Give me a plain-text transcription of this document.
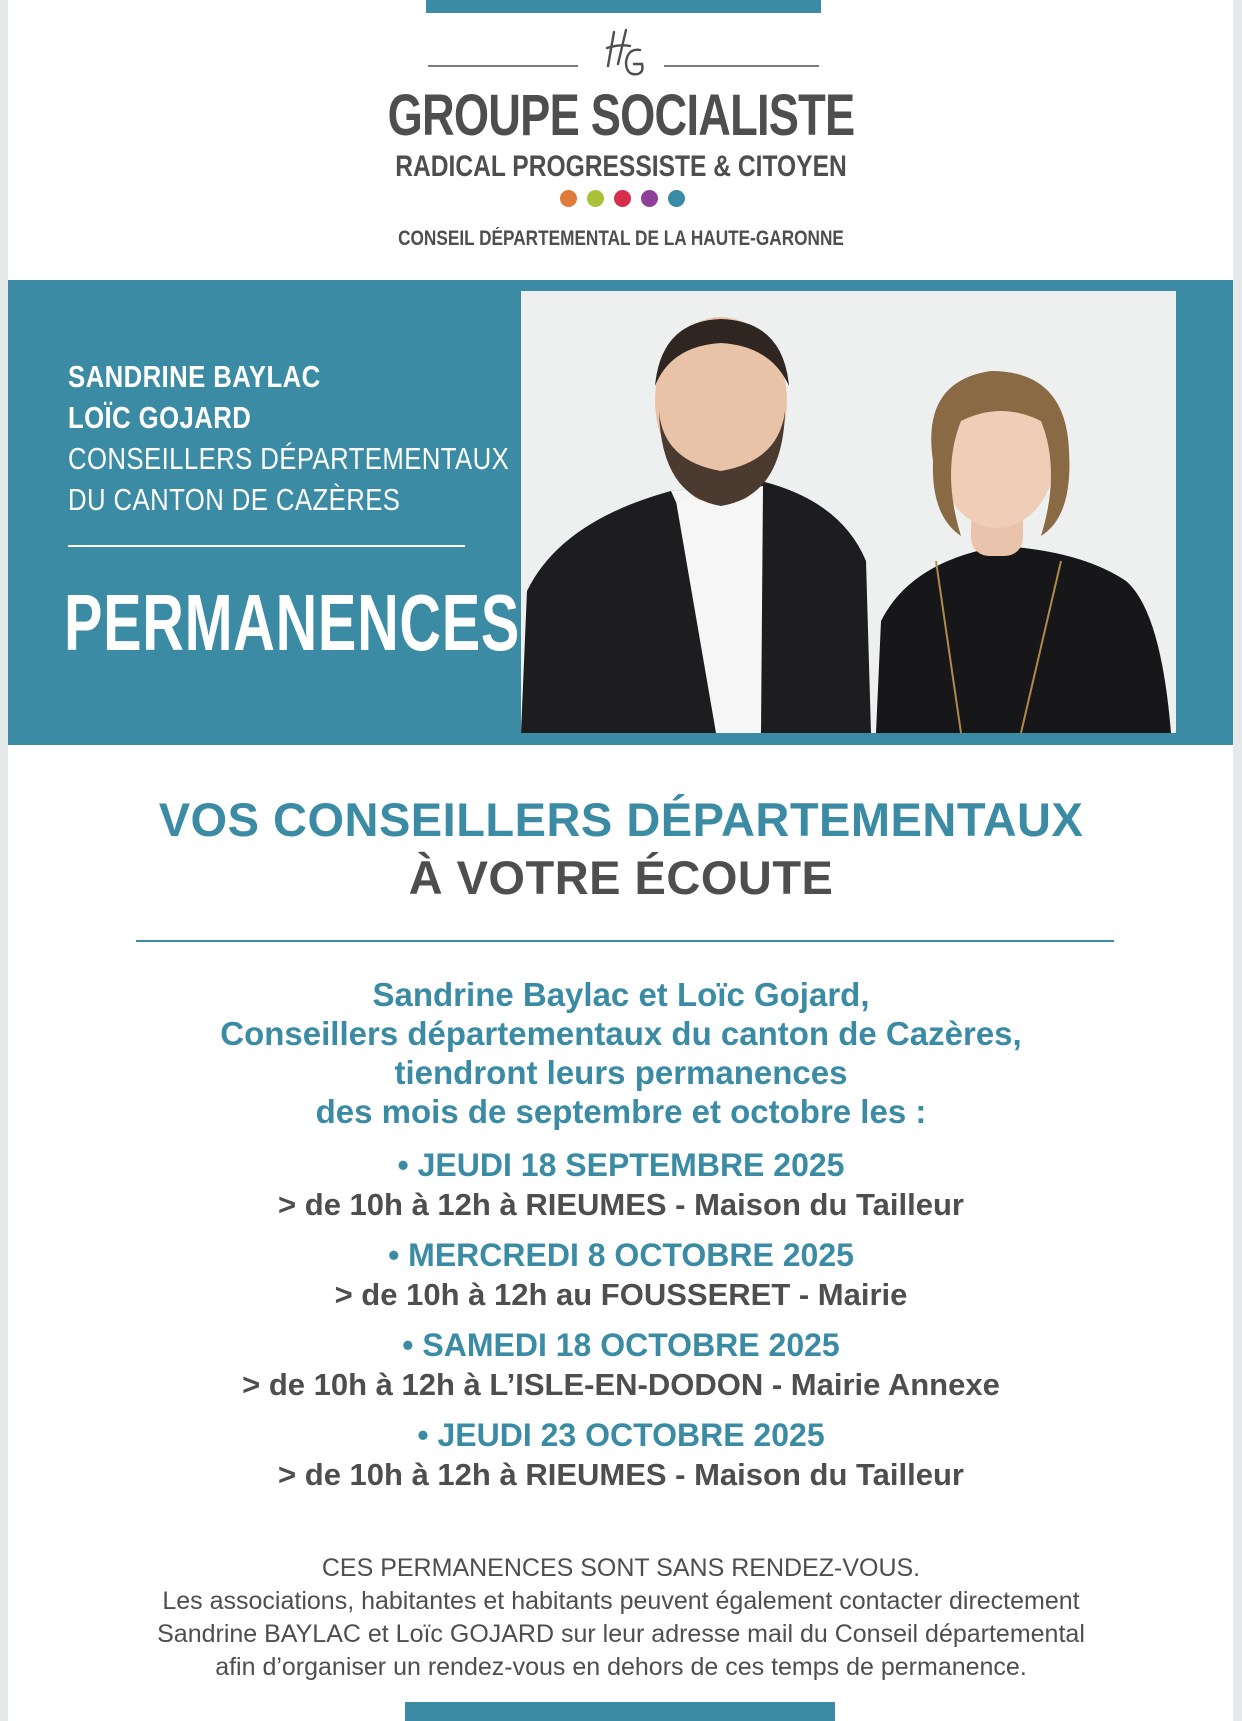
GROUPE SOCIALISTE

RADICAL PROGRESSISTE & CITOYEN

CONSEIL DÉPARTEMENTAL DE LA HAUTE-GARONNE

SANDRINE BAYLAC

LOÏC GOJARD

CONSEILLERS DÉPARTEMENTAUX

DU CANTON DE CAZÈRES

PERMANENCES

VOS CONSEILLERS DÉPARTEMENTAUX

À VOTRE ÉCOUTE

Sandrine Baylac et Loïc Gojard,
Conseillers départementaux du canton de Cazères,
tiendront leurs permanences
des mois de septembre et octobre les :

• JEUDI 18 SEPTEMBRE 2025
> de 10h à 12h à RIEUMES - Maison du Tailleur

• MERCREDI 8 OCTOBRE 2025
> de 10h à 12h au FOUSSERET - Mairie

• SAMEDI 18 OCTOBRE 2025
> de 10h à 12h à L’ISLE-EN-DODON - Mairie Annexe

• JEUDI 23 OCTOBRE 2025
> de 10h à 12h à RIEUMES - Maison du Tailleur

CES PERMANENCES SONT SANS RENDEZ-VOUS.
Les associations, habitantes et habitants peuvent également contacter directement
Sandrine BAYLAC et Loïc GOJARD sur leur adresse mail du Conseil départemental
afin d’organiser un rendez-vous en dehors de ces temps de permanence.
